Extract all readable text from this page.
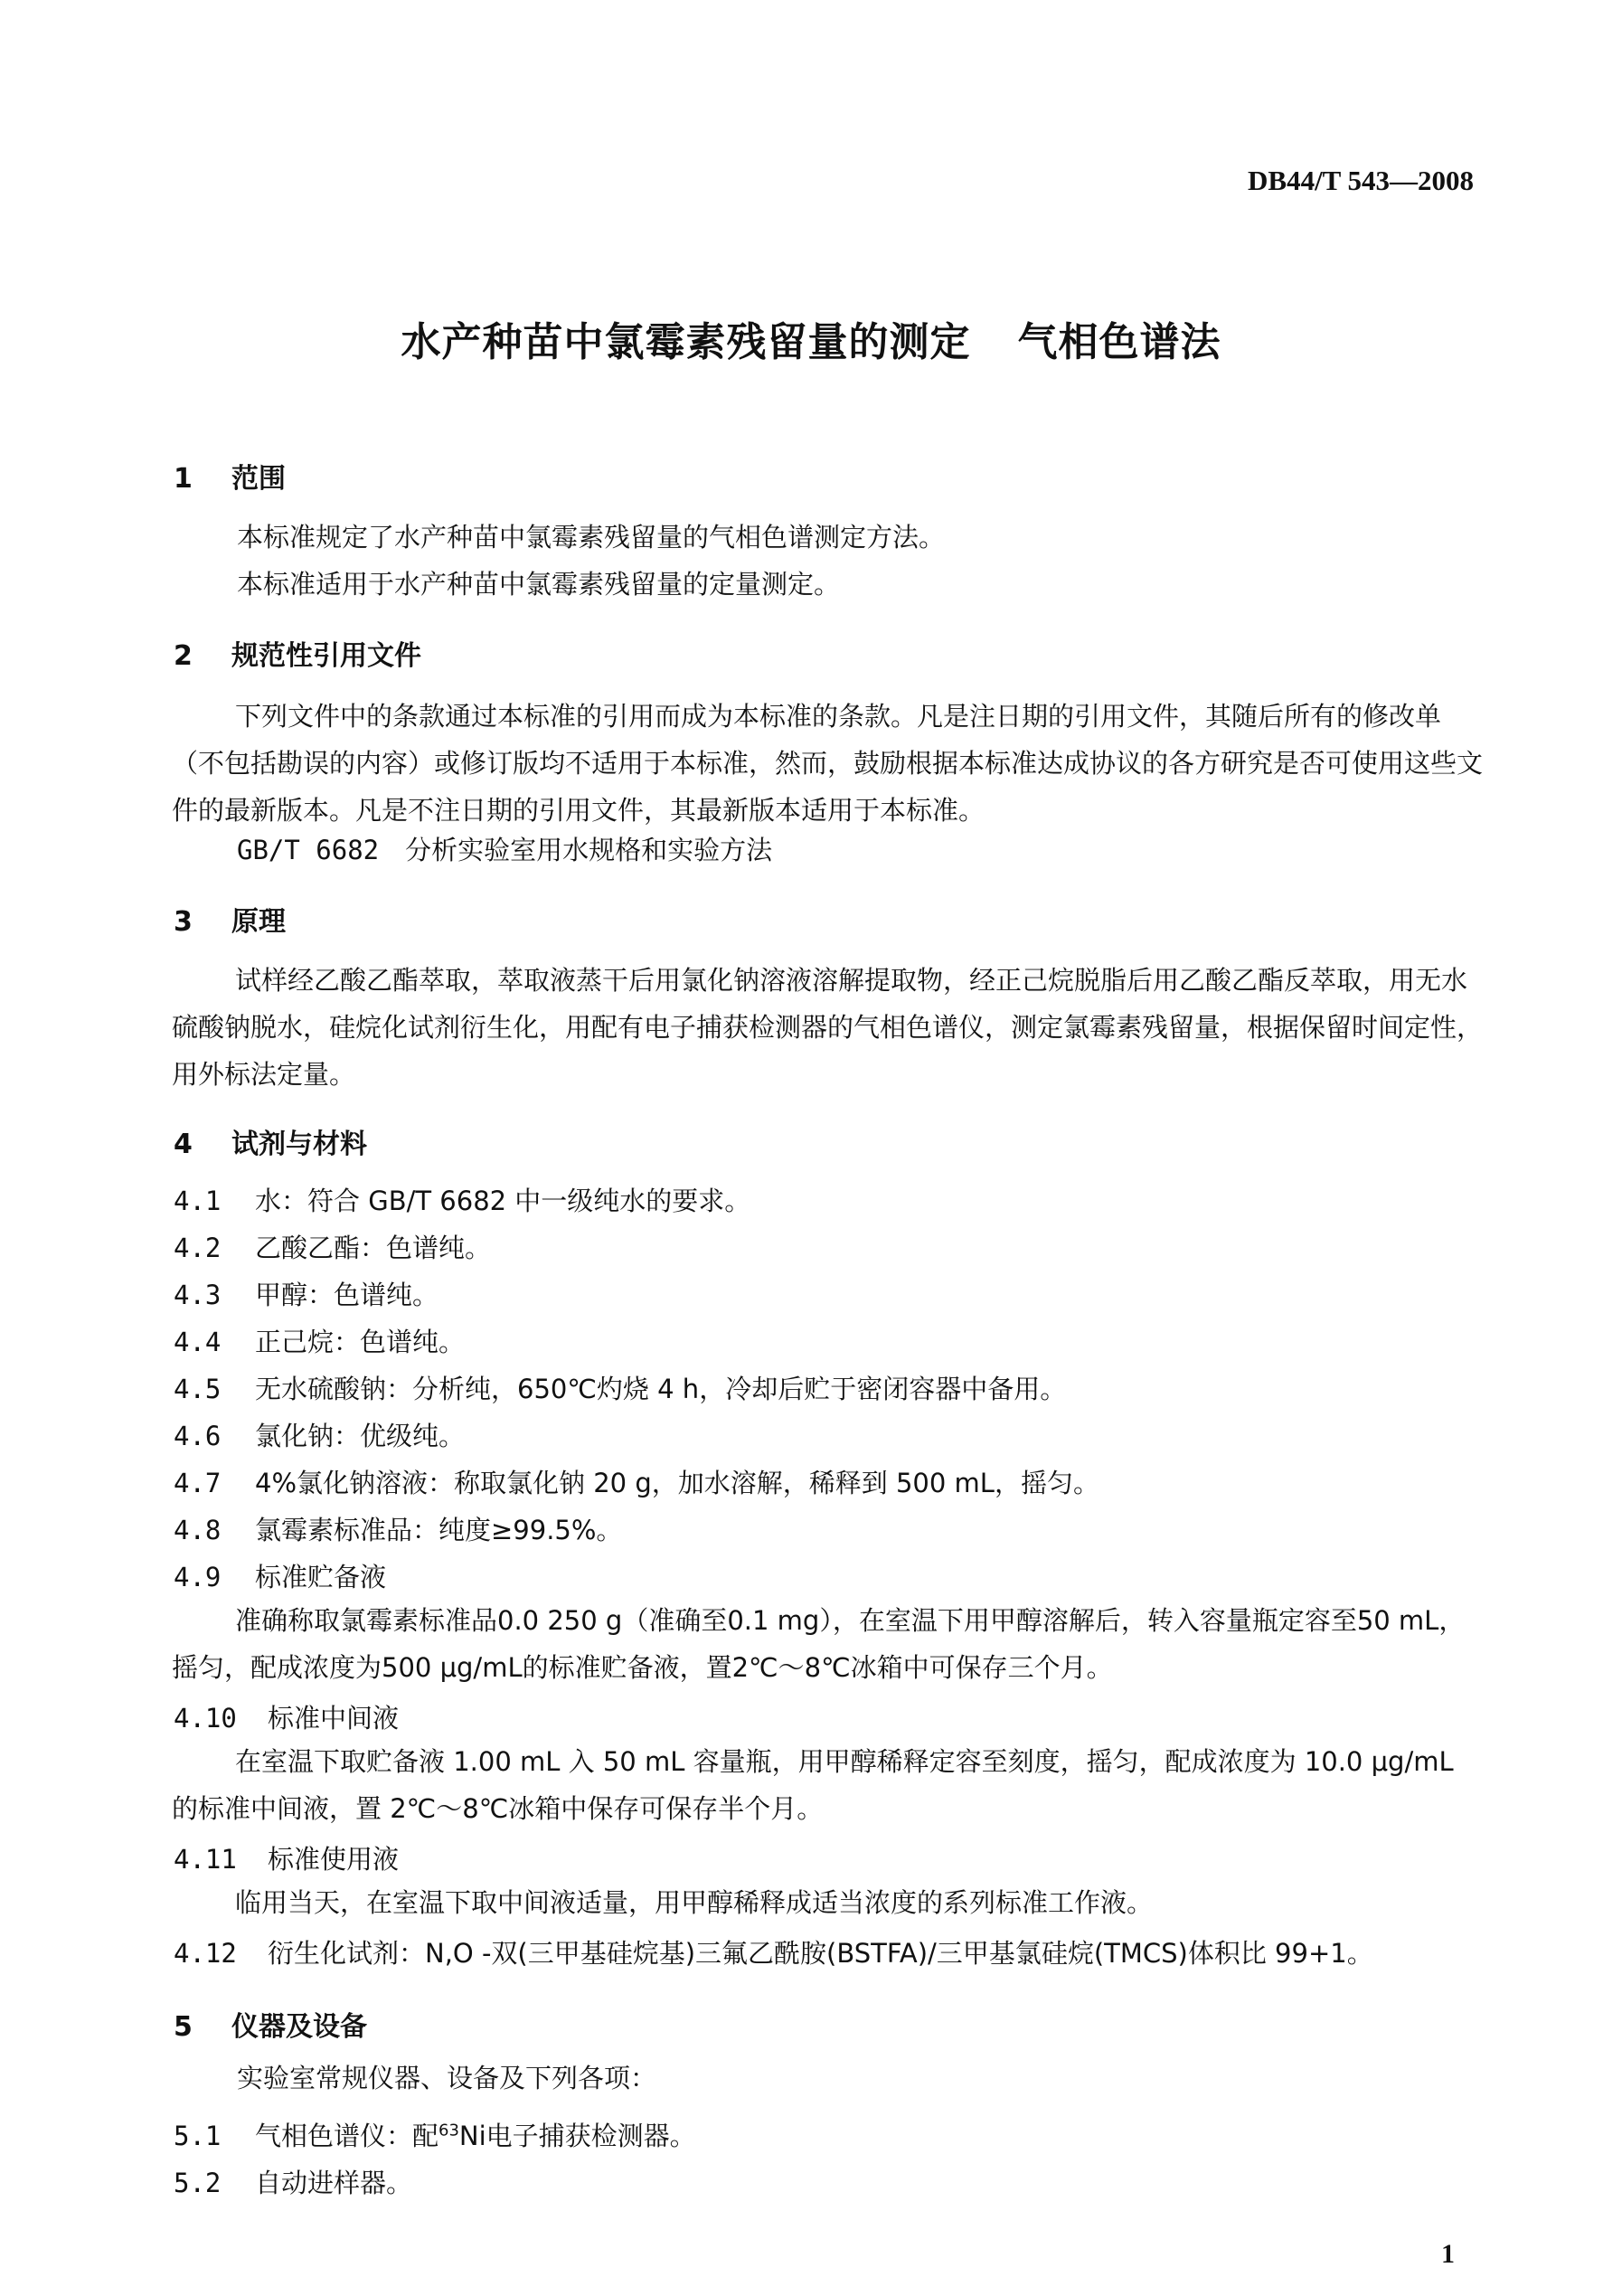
DB44/T 543—2008
水产种苗中氯霉素残留量的测定 气相色谱法
1 范围
本标准规定了水产种苗中氯霉素残留量的气相色谱测定方法。
本标准适用于水产种苗中氯霉素残留量的定量测定。
2 规范性引用文件
下列文件中的条款通过本标准的引用而成为本标准的条款。凡是注日期的引用文件，其随后所有的修改单（不包括勘误的内容）或修订版均不适用于本标准，然而，鼓励根据本标准达成协议的各方研究是否可使用这些文件的最新版本。凡是不注日期的引用文件，其最新版本适用于本标准。
GB/T 6682　分析实验室用水规格和实验方法
3 原理
试样经乙酸乙酯萃取，萃取液蒸干后用氯化钠溶液溶解提取物，经正己烷脱脂后用乙酸乙酯反萃取，用无水硫酸钠脱水，硅烷化试剂衍生化，用配有电子捕获检测器的气相色谱仪，测定氯霉素残留量，根据保留时间定性，用外标法定量。
4 试剂与材料
4.1 水：符合 GB/T 6682 中一级纯水的要求。
4.2 乙酸乙酯：色谱纯。
4.3 甲醇：色谱纯。
4.4 正己烷：色谱纯。
4.5 无水硫酸钠：分析纯，650℃灼烧 4 h，冷却后贮于密闭容器中备用。
4.6 氯化钠：优级纯。
4.7 4%氯化钠溶液：称取氯化钠 20 g，加水溶解，稀释到 500 mL，摇匀。
4.8 氯霉素标准品：纯度≥99.5%。
4.9 标准贮备液
准确称取氯霉素标准品0.0 250 g（准确至0.1 mg），在室温下用甲醇溶解后，转入容量瓶定容至50 mL，摇匀，配成浓度为500 μg/mL的标准贮备液，置2℃～8℃冰箱中可保存三个月。
4.10 标准中间液
在室温下取贮备液 1.00 mL 入 50 mL 容量瓶，用甲醇稀释定容至刻度，摇匀，配成浓度为 10.0 μg/mL 的标准中间液，置 2℃～8℃冰箱中保存可保存半个月。
4.11 标准使用液
临用当天，在室温下取中间液适量，用甲醇稀释成适当浓度的系列标准工作液。
4.12 衍生化试剂：N,O -双(三甲基硅烷基)三氟乙酰胺(BSTFA)/三甲基氯硅烷(TMCS)体积比 99+1。
5 仪器及设备
实验室常规仪器、设备及下列各项：
5.1 气相色谱仪：配$^{63}$Ni电子捕获检测器。
5.2 自动进样器。
1
